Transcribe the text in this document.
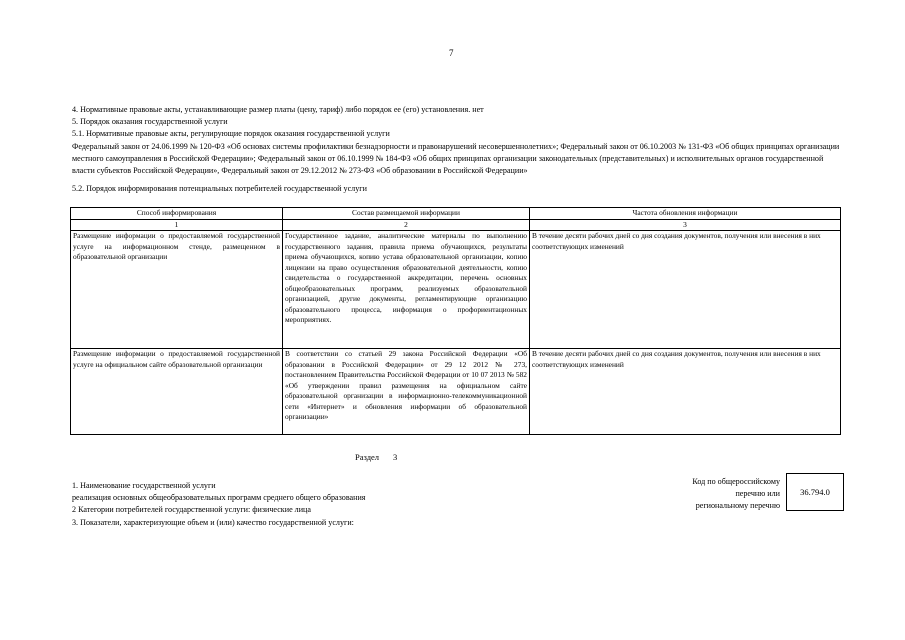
7

4. Нормативные правовые акты, устанавливающие размер платы (цену, тариф) либо порядок ее (его) установления. нет

5. Порядок оказания государственной услуги

5.1. Нормативные правовые акты, регулирующие порядок оказания государственной услуги

Федеральный закон от 24.06.1999 № 120-ФЗ «Об основах системы профилактики безнадзорности и правонарушений несовершеннолетних»; Федеральный закон от 06.10.2003 № 131-ФЗ «Об общих принципах организации местного самоуправления в Российской Федерации»; Федеральный закон от 06.10.1999 № 184-ФЗ «Об общих принципах организации законодательных (представительных) и исполнительных органов государственной власти субъектов Российской Федерации», Федеральный закон от 29.12.2012 № 273-ФЗ «Об образовании в Российской Федерации»

5.2. Порядок информирования потенциальных потребителей государственной услуги

Способ информирования	Состав размещаемой информации	Частота обновления информации
1	2	3
Размещение информации о предоставляемой государственной услуге на информационном стенде, размещенном в образовательной организации	Государственное задание, аналитические материалы по выполнению государственного задания, правила приема обучающихся, результаты приема обучающихся, копию устава образовательной организации, копию лицензии на право осуществления образовательной деятельности, копию свидетельства о государственной аккредитации, перечень основных общеобразовательных программ, реализуемых образовательной организацией, другие документы, регламентирующие организацию образовательного процесса, информация о профориентационных мероприятиях.	В течение десяти рабочих дней со дня создания документов, получения или внесения в них соответствующих изменений
Размещение информации о предоставляемой государственной услуге на официальном сайте образовательной организации	В соответствии со статьей 29 закона Российской Федерации «Об образовании в Российской Федерации» от 29 12 2012 № 273, постановлением Правительства Российской Федерации от 10 07 2013 № 582 «Об утверждении правил размещения на официальном сайте образовательной организации в информационно-телекоммуникационной сети «Интернет» и обновления информации об образовательной организации»	В течение десяти рабочих дней со дня создания документов, получения или внесения в них соответствующих изменений
Раздел 3

1. Наименование государственной услуги

реализация основных общеобразовательных программ среднего общего образования

2 Категории потребителей государственной услуги: физические лица

3. Показатели, характеризующие объем и (или) качество государственной услуги:

Код по общероссийскому

перечню или

региональному перечню

36.794.0
